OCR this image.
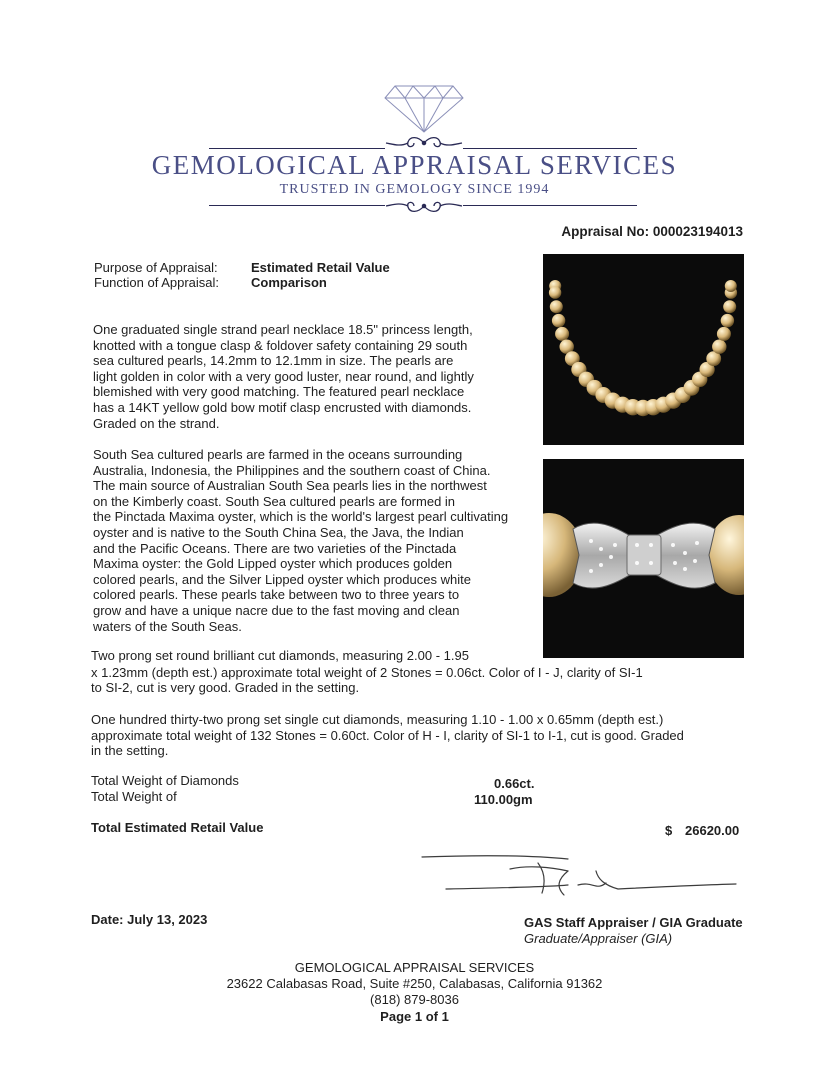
GEMOLOGICAL APPRAISAL SERVICES
TRUSTED IN GEMOLOGY SINCE 1994
Appraisal No: 000023194013
Purpose of Appraisal:	Estimated Retail Value
Function of Appraisal: Comparison
One graduated single strand pearl necklace 18.5" princess length,
knotted with a tongue clasp & foldover safety containing 29 south
sea cultured pearls, 14.2mm to 12.1mm in size. The pearls are
light golden in color with a very good luster, near round, and lightly
blemished with very good matching. The featured pearl necklace
has a 14KT yellow gold bow motif clasp encrusted with diamonds.
Graded on the strand.
South Sea cultured pearls are farmed in the oceans surrounding
Australia, Indonesia, the Philippines and the southern coast of China.
The main source of Australian South Sea pearls lies in the northwest
on the Kimberly coast. South Sea cultured pearls are formed in
the Pinctada Maxima oyster, which is the world's largest pearl cultivating
oyster and is native to the South China Sea, the Java, the Indian
and the Pacific Oceans. There are two varieties of the Pinctada
Maxima oyster: the Gold Lipped oyster which produces golden
colored pearls, and the Silver Lipped oyster which produces white
colored pearls. These pearls take between two to three years to
grow and have a unique nacre due to the fast moving and clean
waters of the South Seas.
Two prong set round brilliant cut diamonds, measuring 2.00 - 1.95
x 1.23mm (depth est.) approximate total weight of 2 Stones = 0.06ct. Color of I - J, clarity of SI-1
to SI-2, cut is very good. Graded in the setting.
One hundred thirty-two prong set single cut diamonds, measuring 1.10 - 1.00 x 0.65mm (depth est.)
approximate total weight of 132 Stones = 0.60ct. Color of H - I, clarity of SI-1 to I-1, cut is good. Graded
in the setting.
Total Weight of Diamonds	0.66ct.
Total Weight of	110.00gm
Total Estimated Retail Value	$ 26620.00
Date: July 13, 2023	GAS Staff Appraiser / GIA Graduate
Graduate/Appraiser (GIA)
GEMOLOGICAL APPRAISAL SERVICES
23622 Calabasas Road, Suite #250, Calabasas, California 91362
(818) 879-8036
Page 1 of 1
